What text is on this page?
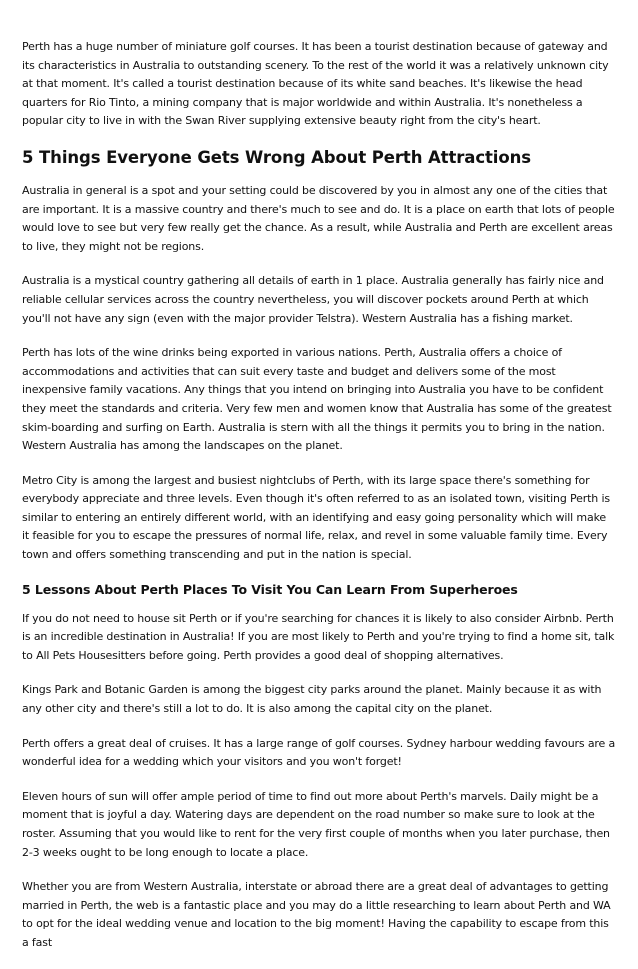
Perth has a huge number of miniature golf courses. It has been a tourist destination because of gateway and its characteristics in Australia to outstanding scenery. To the rest of the world it was a relatively unknown city at that moment. It's called a tourist destination because of its white sand beaches. It's likewise the head quarters for Rio Tinto, a mining company that is major worldwide and within Australia. It's nonetheless a popular city to live in with the Swan River supplying extensive beauty right from the city's heart.

5 Things Everyone Gets Wrong About Perth Attractions

Australia in general is a spot and your setting could be discovered by you in almost any one of the cities that are important. It is a massive country and there's much to see and do. It is a place on earth that lots of people would love to see but very few really get the chance. As a result, while Australia and Perth are excellent areas to live, they might not be regions.

Australia is a mystical country gathering all details of earth in 1 place. Australia generally has fairly nice and reliable cellular services across the country nevertheless, you will discover pockets around Perth at which you'll not have any sign (even with the major provider Telstra). Western Australia has a fishing market.

Perth has lots of the wine drinks being exported in various nations. Perth, Australia offers a choice of accommodations and activities that can suit every taste and budget and delivers some of the most inexpensive family vacations. Any things that you intend on bringing into Australia you have to be confident they meet the standards and criteria. Very few men and women know that Australia has some of the greatest skim-boarding and surfing on Earth. Australia is stern with all the things it permits you to bring in the nation. Western Australia has among the landscapes on the planet.

Metro City is among the largest and busiest nightclubs of Perth, with its large space there's something for everybody appreciate and three levels. Even though it's often referred to as an isolated town, visiting Perth is similar to entering an entirely different world, with an identifying and easy going personality which will make it feasible for you to escape the pressures of normal life, relax, and revel in some valuable family time. Every town and offers something transcending and put in the nation is special.

5 Lessons About Perth Places To Visit You Can Learn From Superheroes

If you do not need to house sit Perth or if you're searching for chances it is likely to also consider Airbnb. Perth is an incredible destination in Australia! If you are most likely to Perth and you're trying to find a home sit, talk to All Pets Housesitters before going. Perth provides a good deal of shopping alternatives.

Kings Park and Botanic Garden is among the biggest city parks around the planet. Mainly because it as with any other city and there's still a lot to do. It is also among the capital city on the planet.

Perth offers a great deal of cruises. It has a large range of golf courses. Sydney harbour wedding favours are a wonderful idea for a wedding which your visitors and you won't forget!

Eleven hours of sun will offer ample period of time to find out more about Perth's marvels. Daily might be a moment that is joyful a day. Watering days are dependent on the road number so make sure to look at the roster. Assuming that you would like to rent for the very first couple of months when you later purchase, then 2-3 weeks ought to be long enough to locate a place.

Whether you are from Western Australia, interstate or abroad there are a great deal of advantages to getting married in Perth, the web is a fantastic place and you may do a little researching to learn about Perth and WA to opt for the ideal wedding venue and location to the big moment! Having the capability to escape from this a fast
